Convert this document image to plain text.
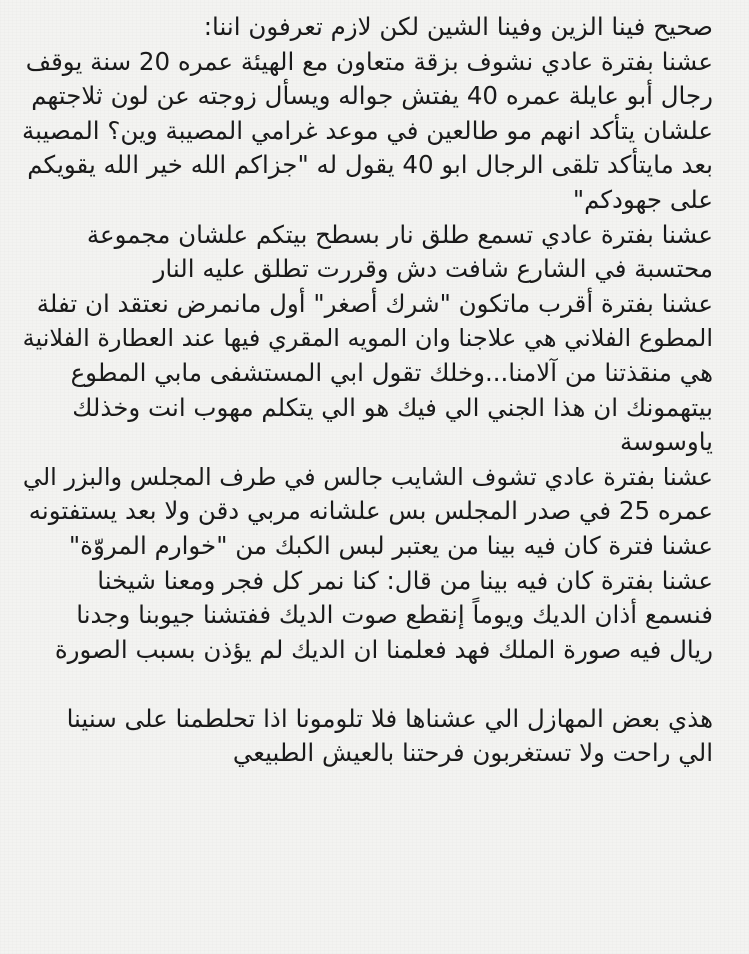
صحيح فينا الزين وفينا الشين لكن لازم تعرفون اننا:
عشنا بفترة عادي نشوف بزقة متعاون مع الهيئة عمره 20 سنة يوقف
رجال أبو عايلة عمره 40 يفتش جواله ويسأل زوجته عن لون ثلاجتهم
علشان يتأكد انهم مو طالعين في موعد غرامي المصيبة وين؟ المصيبة
بعد مايتأكد تلقى الرجال ابو 40 يقول له "جزاكم الله خير الله يقويكم
على جهودكم"
عشنا بفترة عادي تسمع طلق نار بسطح بيتكم علشان مجموعة
محتسبة في الشارع شافت دش وقررت تطلق عليه النار
عشنا بفترة أقرب ماتكون "شرك أصغر" أول مانمرض نعتقد ان تفلة
المطوع الفلاني هي علاجنا وان المويه المقري فيها عند العطارة الفلانية
هي منقذتنا من آلامنا...وخلك تقول ابي المستشفى مابي المطوع
بيتهمونك ان هذا الجني الي فيك هو الي يتكلم مهوب انت وخذلك
ياوسوسة
عشنا بفترة عادي تشوف الشايب جالس في طرف المجلس والبزر الي
عمره 25 في صدر المجلس بس علشانه مربي دقن ولا بعد يستفتونه
عشنا فترة كان فيه بينا من يعتبر لبس الكبك من "خوارم المروّة"
عشنا بفترة كان فيه بينا من قال: كنا نمر كل فجر ومعنا شيخنا
فنسمع أذان الديك ويوماً إنقطع صوت الديك ففتشنا جيوبنا وجدنا
ريال فيه صورة الملك فهد فعلمنا ان الديك لم يؤذن بسبب الصورة
هذي بعض المهازل الي عشناها فلا تلومونا اذا تحلطمنا على سنينا
الي راحت ولا تستغربون فرحتنا بالعيش الطبيعي
